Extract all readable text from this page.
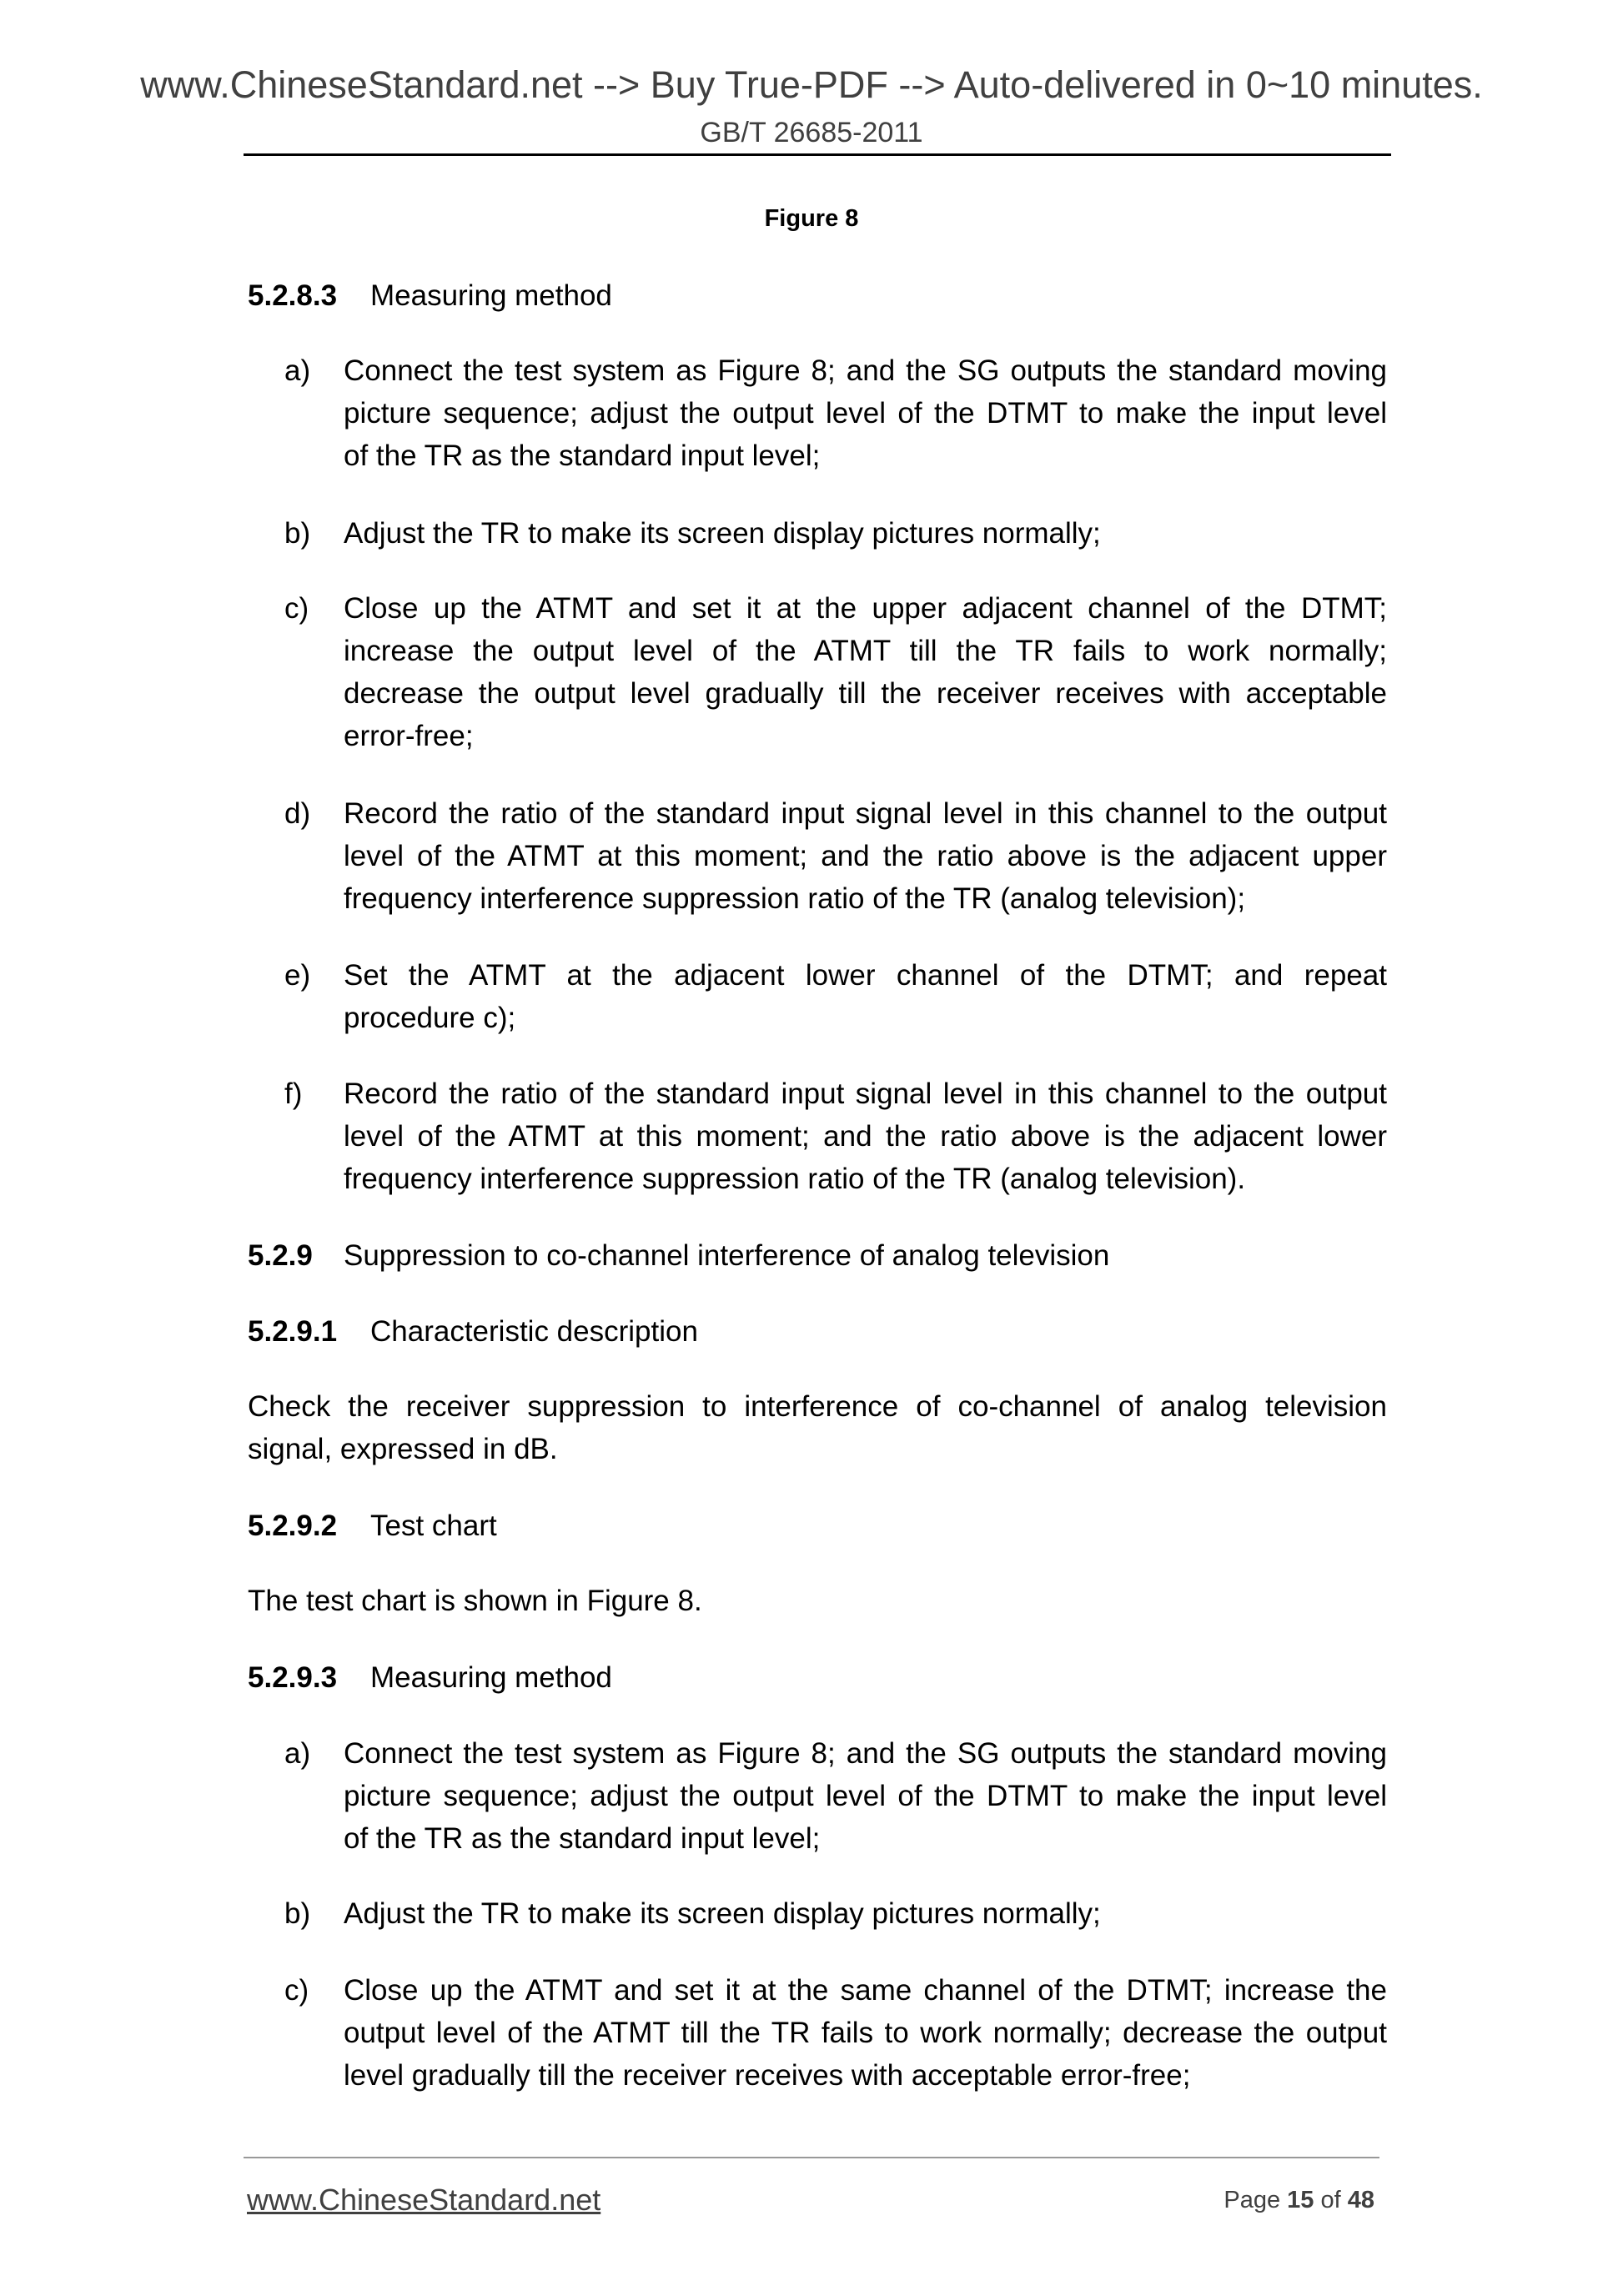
www.ChineseStandard.net --> Buy True-PDF --> Auto-delivered in 0~10 minutes.
GB/T 26685-2011
Figure 8
5.2.8.3 Measuring method
a) Connect the test system as Figure 8; and the SG outputs the standard moving
picture sequence; adjust the output level of the DTMT to make the input level
of the TR as the standard input level;
b) Adjust the TR to make its screen display pictures normally;
c) Close up the ATMT and set it at the upper adjacent channel of the DTMT;
increase the output level of the ATMT till the TR fails to work normally;
decrease the output level gradually till the receiver receives with acceptable
error-free;
d) Record the ratio of the standard input signal level in this channel to the output
level of the ATMT at this moment; and the ratio above is the adjacent upper
frequency interference suppression ratio of the TR (analog television);
e) Set the ATMT at the adjacent lower channel of the DTMT; and repeat
procedure c);
f) Record the ratio of the standard input signal level in this channel to the output
level of the ATMT at this moment; and the ratio above is the adjacent lower
frequency interference suppression ratio of the TR (analog television).
5.2.9 Suppression to co-channel interference of analog television
5.2.9.1 Characteristic description
Check the receiver suppression to interference of co-channel of analog television
signal, expressed in dB.
5.2.9.2 Test chart
The test chart is shown in Figure 8.
5.2.9.3 Measuring method
a) Connect the test system as Figure 8; and the SG outputs the standard moving
picture sequence; adjust the output level of the DTMT to make the input level
of the TR as the standard input level;
b) Adjust the TR to make its screen display pictures normally;
c) Close up the ATMT and set it at the same channel of the DTMT; increase the
output level of the ATMT till the TR fails to work normally; decrease the output
level gradually till the receiver receives with acceptable error-free;
www.ChineseStandard.net	Page 15 of 48
